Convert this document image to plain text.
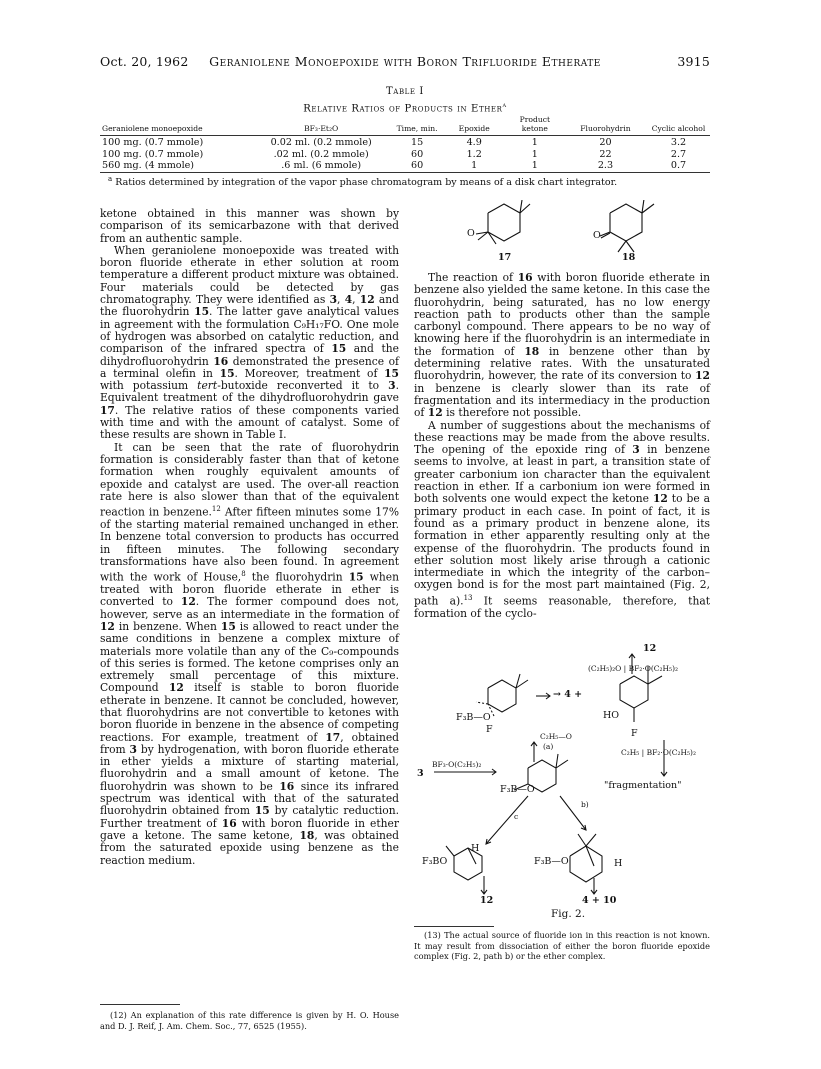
Oct. 20, 1962	Geraniolene Monoepoxide with Boron Trifluoride Etherate	3915
Table I
Relative Ratios of Products in Ether$^a$
Geraniolene monoepoxide	BF₃·Et₂O	Time, min.	Epoxide	Product ketone	Fluorohydrin	Cyclic alcohol
100 mg. (0.7 mmole)	0.02 ml. (0.2 mmole)	15	4.9	1	20	3.2
100 mg. (0.7 mmole)	.02 ml. (0.2 mmole)	60	1.2	1	22	2.7
560 mg. (4 mmole)	.6 ml. (6 mmole)	60	1	1	2.3	0.7
$^a$ Ratios determined by integration of the vapor phase chromatogram by means of a disk chart integrator.

ketone obtained in this manner was shown by comparison of its semicarbazone with that derived from an authentic sample.

When geraniolene monoepoxide was treated with boron fluoride etherate in ether solution at room temperature a different product mixture was obtained. Four materials could be detected by gas chromatography. They were identified as 3, 4, 12 and the fluorohydrin 15. The latter gave analytical values in agreement with the formulation C₉H₁₇FO. One mole of hydrogen was absorbed on catalytic reduction, and comparison of the infrared spectra of 15 and the dihydrofluorohydrin 16 demonstrated the presence of a terminal olefin in 15. Moreover, treatment of 15 with potassium tert-butoxide reconverted it to 3. Equivalent treatment of the dihydrofluorohydrin gave 17. The relative ratios of these components varied with time and with the amount of catalyst. Some of these results are shown in Table I.

It can be seen that the rate of fluorohydrin formation is considerably faster than that of ketone formation when roughly equivalent amounts of epoxide and catalyst are used. The over-all reaction rate here is also slower than that of the equivalent reaction in benzene.$^{12}$ After fifteen minutes some 17% of the starting material remained unchanged in ether. In benzene total conversion to products has occurred in fifteen minutes. The following secondary transformations have also been found. In agreement with the work of House,$^8$ the fluorohydrin 15 when treated with boron fluoride etherate in ether is converted to 12. The former compound does not, however, serve as an intermediate in the formation of 12 in benzene. When 15 is allowed to react under the same conditions in benzene a complex mixture of materials more volatile than any of the C₉-compounds of this series is formed. The ketone comprises only an extremely small percentage of this mixture. Compound 12 itself is stable to boron fluoride etherate in benzene. It cannot be concluded, however, that fluorohydrins are not convertible to ketones with boron fluoride in benzene in the absence of competing reactions. For example, treatment of 17, obtained from 3 by hydrogenation, with boron fluoride etherate in ether yields a mixture of starting material, fluorohydrin and a small amount of ketone. The fluorohydrin was shown to be 16 since its infrared spectrum was identical with that of the saturated fluorohydrin obtained from 15 by catalytic reduction. Further treatment of 16 with boron fluoride in ether gave a ketone. The same ketone, 18, was obtained from the saturated epoxide using benzene as the reaction medium.

(12) An explanation of this rate difference is given by H. O. House and D. J. Reif, J. Am. Chem. Soc., 77, 6525 (1955).

O	O
17	18

The reaction of 16 with boron fluoride etherate in benzene also yielded the same ketone. In this case the fluorohydrin, being saturated, has no low energy reaction path to products other than the sample carbonyl compound. There appears to be no way of knowing here if the fluorohydrin is an intermediate in the formation of 18 in benzene other than by determining relative rates. With the unsaturated fluorohydrin, however, the rate of its conversion to 12 in benzene is clearly slower than its rate of fragmentation and its intermediacy in the production of 12 is therefore not possible.

A number of suggestions about the mechanisms of these reactions may be made from the above results. The opening of the epoxide ring of 3 in benzene seems to involve, at least in part, a transition state of greater carbonium ion character than the equivalent reaction in ether. If a carbonium ion were formed in both solvents one would expect the ketone 12 to be a primary product in each case. In point of fact, it is found as a primary product in benzene alone, its formation in ether apparently resulting only at the expense of the fluorohydrin. The products found in ether solution most likely arise through a cationic intermediate in which the integrity of the carbon–oxygen bond is for the most part maintained (Fig. 2, path a).$^{13}$ It seems reasonable, therefore, that formation of the cyclo-

12
(C₂H₅)₂O | BF₂·O(C₂H₅)₂
→ 4 +
F₃B—O
F
HO
F
C₂H₅—O
(a)
C₂H₅ | BF₂·O(C₂H₅)₂
3
BF₃·O(C₂H₅)₂
F₃B—O	"fragmentation"
b)
c
F₃BO
H
F₃B—O	H
12	4 + 10
Fig. 2.

(13) The actual source of fluoride ion in this reaction is not known. It may result from dissociation of either the boron fluoride epoxide complex (Fig. 2, path b) or the ether complex.
